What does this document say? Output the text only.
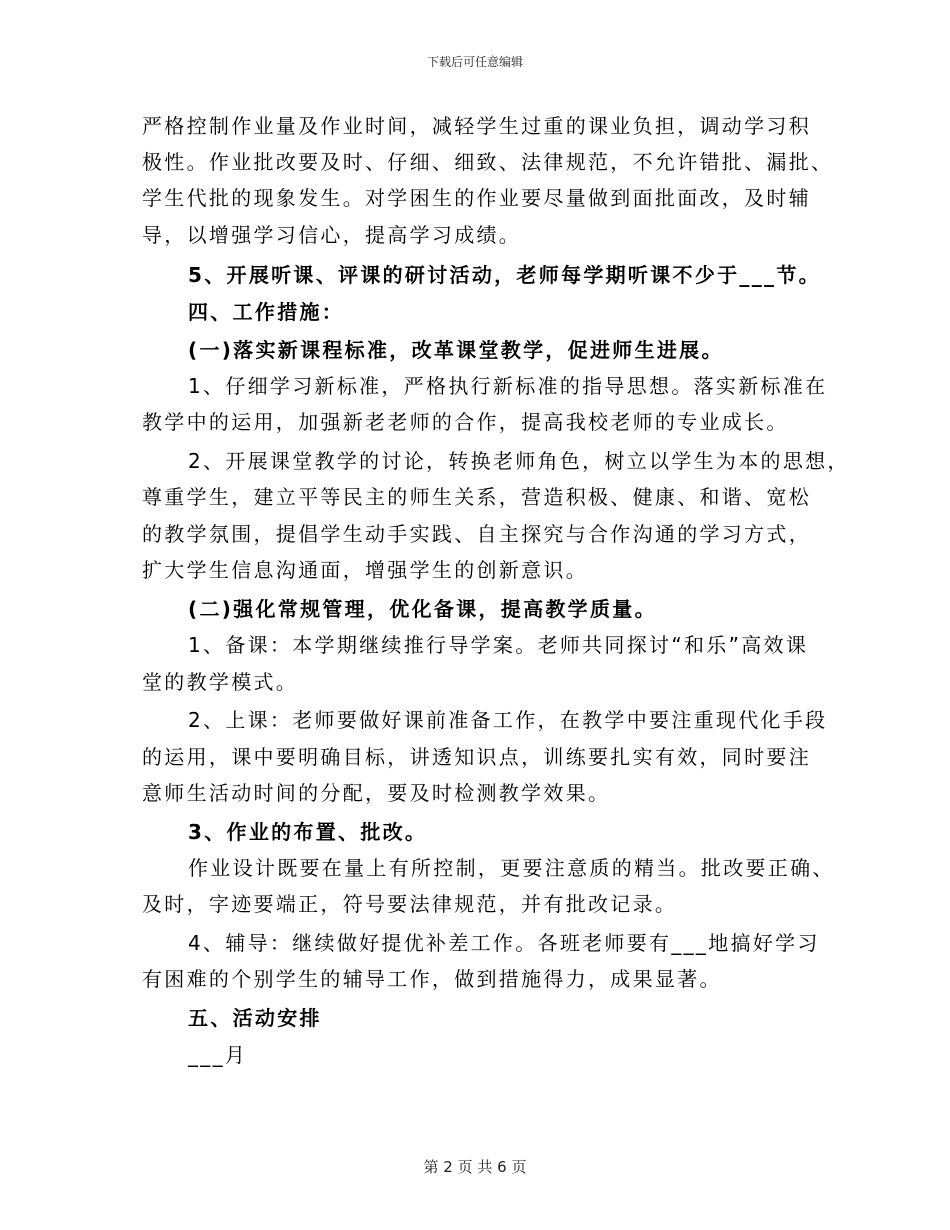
下载后可任意编辑
严格控制作业量及作业时间，减轻学生过重的课业负担，调动学习积
极性。作业批改要及时、仔细、细致、法律规范，不允许错批、漏批、
学生代批的现象发生。对学困生的作业要尽量做到面批面改，及时辅
导，以增强学习信心，提高学习成绩。
5、开展听课、评课的研讨活动，老师每学期听课不少于___节。
四、工作措施：
(一)落实新课程标准，改革课堂教学，促进师生进展。
1、仔细学习新标准，严格执行新标准的指导思想。落实新标准在
教学中的运用，加强新老老师的合作，提高我校老师的专业成长。
2、开展课堂教学的讨论，转换老师角色，树立以学生为本的思想，
尊重学生，建立平等民主的师生关系，营造积极、健康、和谐、宽松
的教学氛围，提倡学生动手实践、自主探究与合作沟通的学习方式，
扩大学生信息沟通面，增强学生的创新意识。
(二)强化常规管理，优化备课，提高教学质量。
1、备课：本学期继续推行导学案。老师共同探讨“和乐”高效课
堂的教学模式。
2、上课：老师要做好课前准备工作，在教学中要注重现代化手段
的运用，课中要明确目标，讲透知识点，训练要扎实有效，同时要注
意师生活动时间的分配，要及时检测教学效果。
3、作业的布置、批改。
作业设计既要在量上有所控制，更要注意质的精当。批改要正确、
及时，字迹要端正，符号要法律规范，并有批改记录。
4、辅导：继续做好提优补差工作。各班老师要有___地搞好学习
有困难的个别学生的辅导工作，做到措施得力，成果显著。
五、活动安排
___月
第 2 页 共 6 页
